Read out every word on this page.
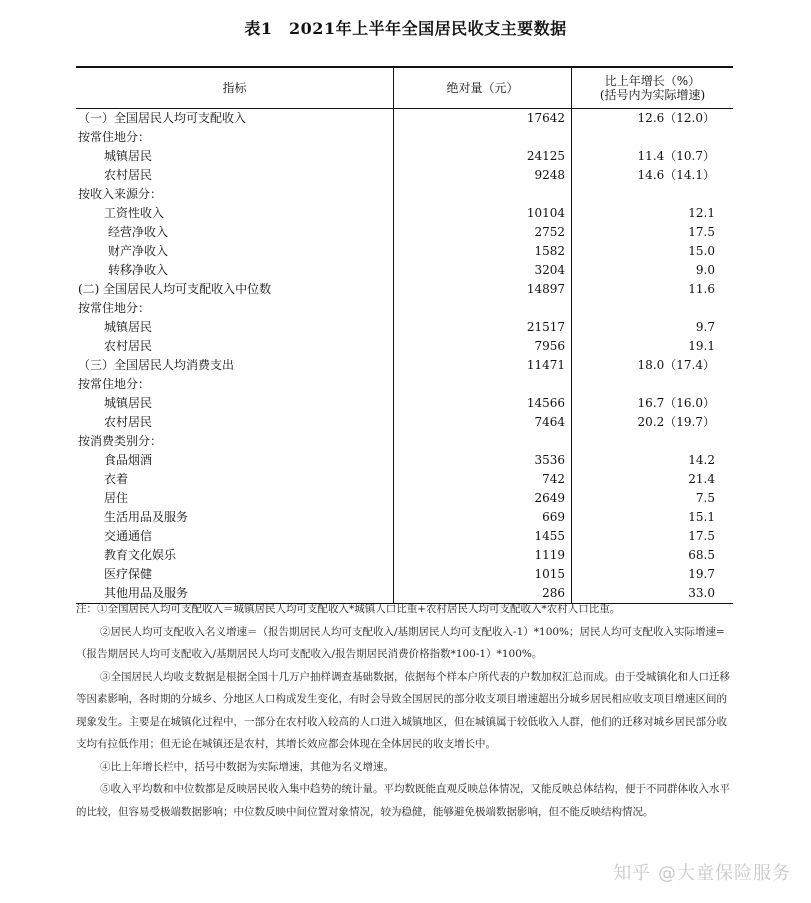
表1　2021年上半年全国居民收支主要数据
指标	绝对量（元）	比上年增长（%）
(括号内为实际增速)

（一）全国居民人均可支配收入	17642	12.6（12.0）
按常住地分：		
城镇居民	24125	11.4（10.7）
农村居民	9248	14.6（14.1）
按收入来源分：		
工资性收入	10104	12.1
经营净收入	2752	17.5
财产净收入	1582	15.0
转移净收入	3204	9.0
(二) 全国居民人均可支配收入中位数	14897	11.6
按常住地分：		
城镇居民	21517	9.7
农村居民	7956	19.1
（三）全国居民人均消费支出	11471	18.0（17.4）
按常住地分：		
城镇居民	14566	16.7（16.0）
农村居民	7464	20.2（19.7）
按消费类别分：		
食品烟酒	3536	14.2
衣着	742	21.4
居住	2649	7.5
生活用品及服务	669	15.1
交通通信	1455	17.5
教育文化娱乐	1119	68.5
医疗保健	1015	19.7
其他用品及服务	286	33.0

注：①全国居民人均可支配收入＝城镇居民人均可支配收入*城镇人口比重+农村居民人均可支配收入*农村人口比重。

②居民人均可支配收入名义增速＝（报告期居民人均可支配收入/基期居民人均可支配收入-1）*100%；居民人均可支配收入实际增速=（报告期居民人均可支配收入/基期居民人均可支配收入/报告期居民消费价格指数*100-1）*100%。

③全国居民人均收支数据是根据全国十几万户抽样调查基础数据，依据每个样本户所代表的户数加权汇总而成。由于受城镇化和人口迁移等因素影响，各时期的分城乡、分地区人口构成发生变化，有时会导致全国居民的部分收支项目增速超出分城乡居民相应收支项目增速区间的现象发生。主要是在城镇化过程中，一部分在农村收入较高的人口进入城镇地区，但在城镇属于较低收入人群，他们的迁移对城乡居民部分收支均有拉低作用；但无论在城镇还是农村，其增长效应都会体现在全体居民的收支增长中。

④比上年增长栏中，括号中数据为实际增速，其他为名义增速。

⑤收入平均数和中位数都是反映居民收入集中趋势的统计量。平均数既能直观反映总体情况，又能反映总体结构，便于不同群体收入水平的比较，但容易受极端数据影响；中位数反映中间位置对象情况，较为稳健，能够避免极端数据影响，但不能反映结构情况。

知乎 @大童保险服务
